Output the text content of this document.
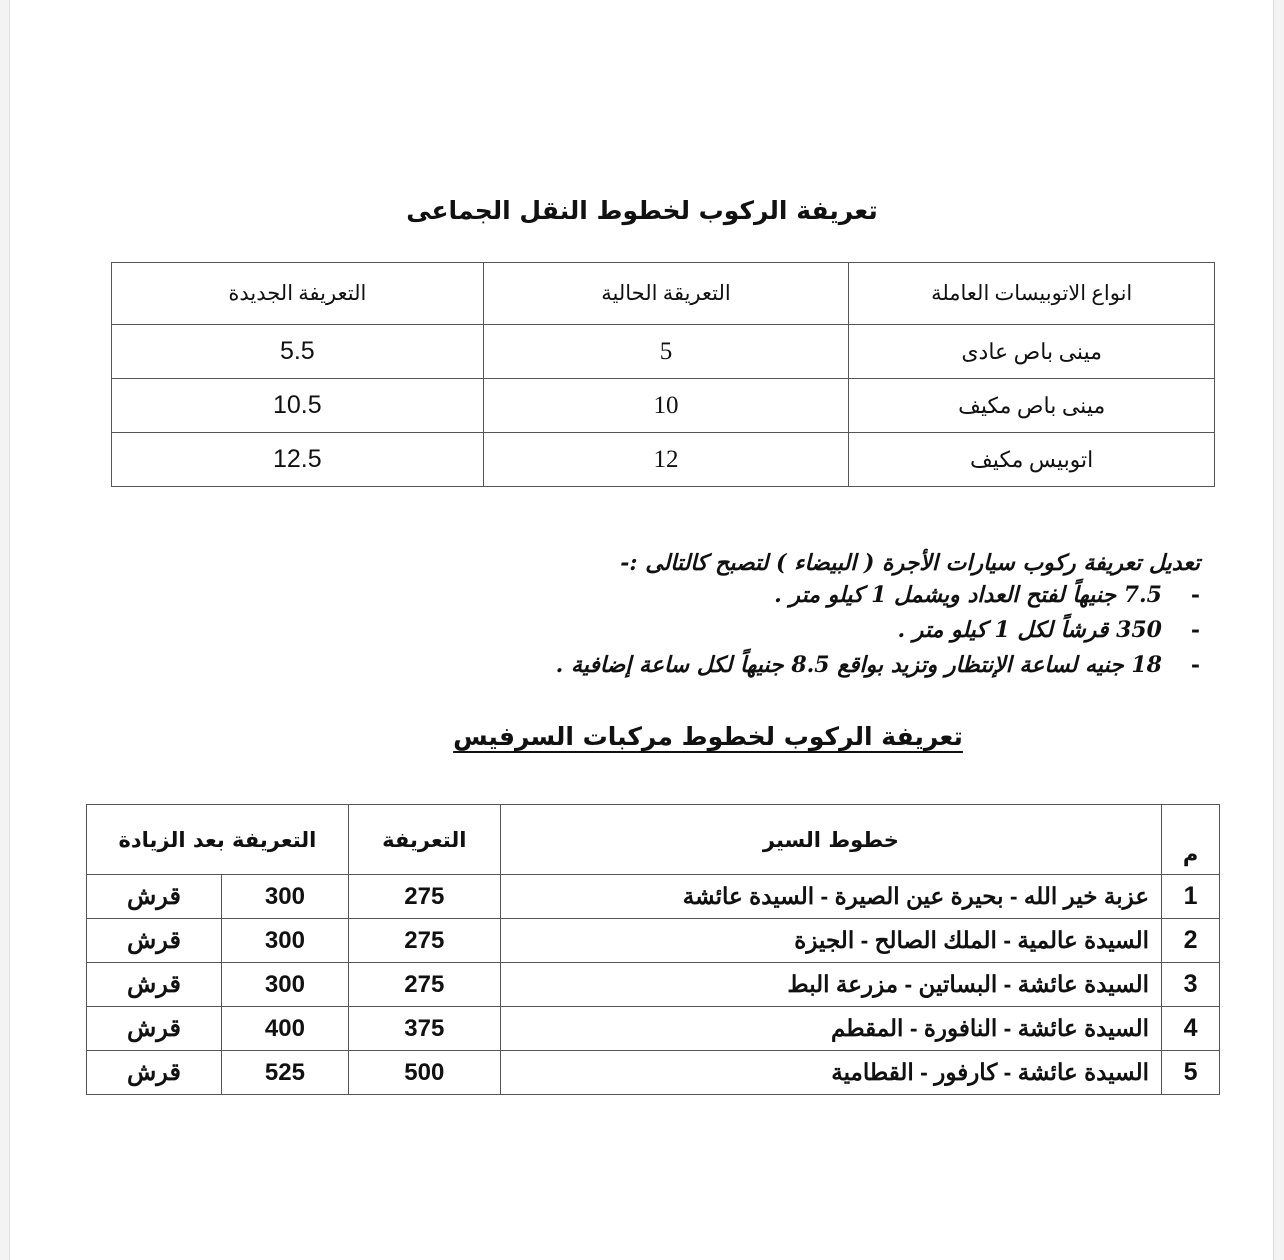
تعريفة الركوب لخطوط النقل الجماعى
انواع الاتوبيسات العاملة	التعريقة الحالية	التعريفة الجديدة
مينى باص عادى	5	5.5
مينى باص مكيف	10	10.5
اتوبيس مكيف	12	12.5
تعديل تعريفة ركوب سيارات الأجرة ( البيضاء ) لتصبح كالتالى :-
-
7.5 جنيهاً لفتح العداد ويشمل 1 كيلو متر .
-
350 قرشاً لكل 1 كيلو متر .
-
18 جنيه لساعة الإنتظار وتزيد بواقع 8.5 جنيهاً لكل ساعة إضافية .
تعريفة الركوب لخطوط مركبات السرفيس
م	خطوط السير	التعريفة	التعريفة بعد الزيادة	
1	عزبة خير الله - بحيرة عين الصيرة - السيدة عائشة	275	300	قرش
2	السيدة عالمية - الملك الصالح - الجيزة	275	300	قرش
3	السيدة عائشة - البساتين - مزرعة البط	275	300	قرش
4	السيدة عائشة - النافورة - المقطم	375	400	قرش
5	السيدة عائشة - كارفور - القطامية	500	525	قرش
